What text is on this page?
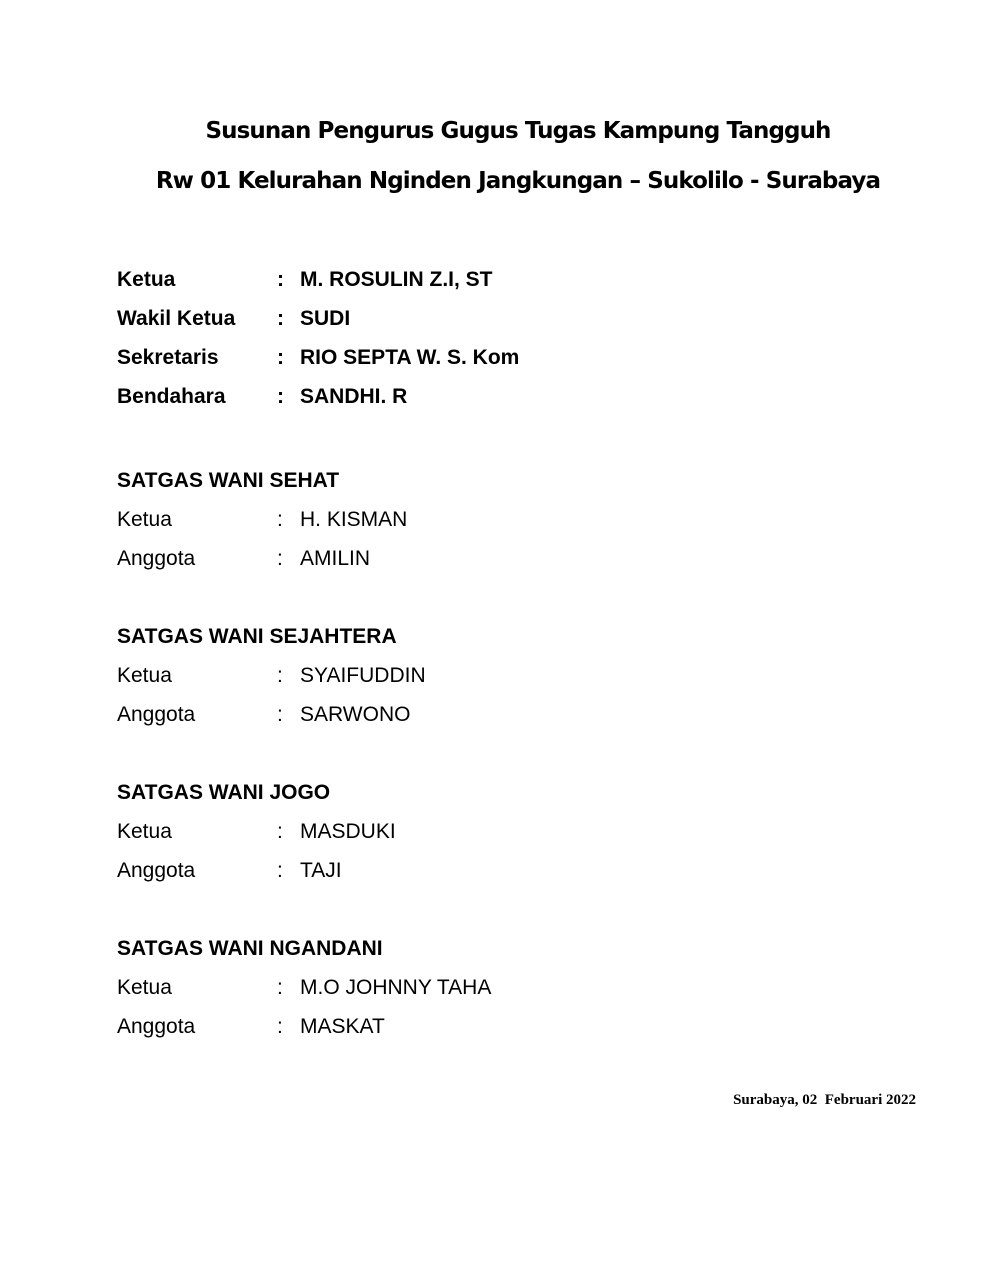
Susunan Pengurus Gugus Tugas Kampung Tangguh
Rw 01 Kelurahan Nginden Jangkungan – Sukolilo - Surabaya
Ketua	: M. ROSULIN Z.I, ST
Wakil Ketua : SUDI
Sekretaris	: RIO SEPTA W. S. Kom
Bendahara : SANDHI. R
SATGAS WANI SEHAT
Ketua	: H. KISMAN
Anggota	: AMILIN
SATGAS WANI SEJAHTERA
Ketua	: SYAIFUDDIN
Anggota	: SARWONO
SATGAS WANI JOGO
Ketua	: MASDUKI
Anggota	: TAJI
SATGAS WANI NGANDANI
Ketua	: M.O JOHNNY TAHA
Anggota	: MASKAT
Surabaya, 02  Februari 2022
